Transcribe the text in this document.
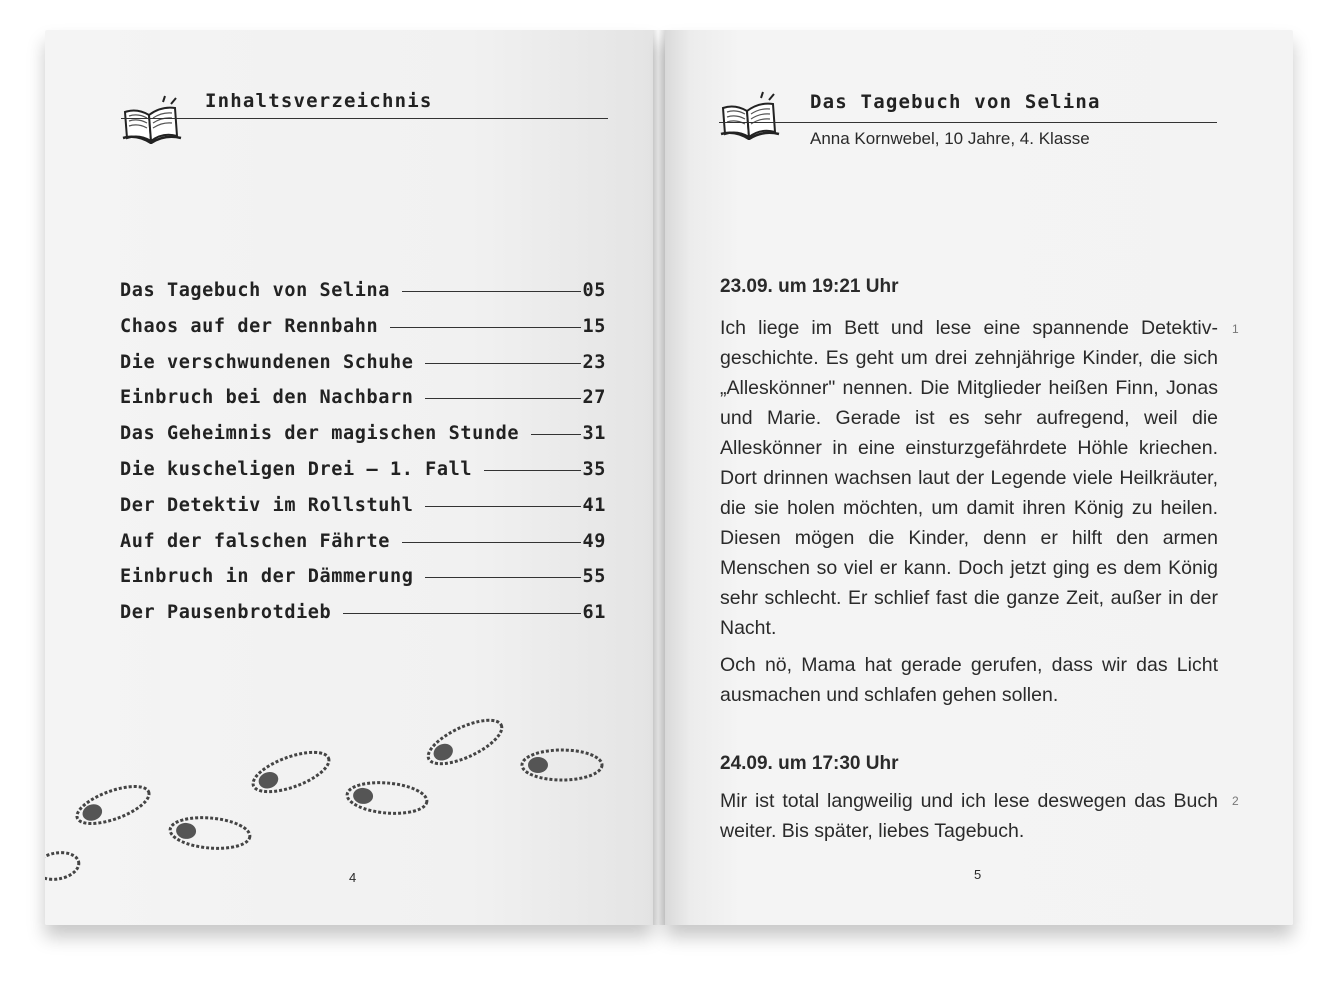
Inhaltsverzeichnis
Das Tagebuch von Selina	05
Chaos auf der Rennbahn	15
Die verschwundenen Schuhe	23
Einbruch bei den Nachbarn	27
Das Geheimnis der magischen Stunde	31
Die kuscheligen Drei – 1. Fall	35
Der Detektiv im Rollstuhl	41
Auf der falschen Fährte	49
Einbruch in der Dämmerung	55
Der Pausenbrotdieb	61
4
Das Tagebuch von Selina
Anna Kornwebel, 10 Jahre, 4. Klasse
23.09. um 19:21 Uhr

Ich liege im Bett und lese eine spannende Detektivgeschichte. Es geht um drei zehnjährige Kinder, die sich „Alleskönner" nennen. Die Mitglieder heißen Finn, Jonas und Marie. Gerade ist es sehr aufregend, weil die Alleskönner in eine einsturzgefährdete Höhle kriechen. Dort drinnen wachsen laut der Legende viele Heilkräuter, die sie holen möchten, um damit ihren König zu heilen. Diesen mögen die Kinder, denn er hilft den armen Menschen so viel er kann. Doch jetzt ging es dem König sehr schlecht. Er schlief fast die ganze Zeit, außer in der Nacht.

1

Och nö, Mama hat gerade gerufen, dass wir das Licht ausmachen und schlafen gehen sollen.

24.09. um 17:30 Uhr

Mir ist total langweilig und ich lese deswegen das Buch weiter. Bis später, liebes Tagebuch.

2
5
